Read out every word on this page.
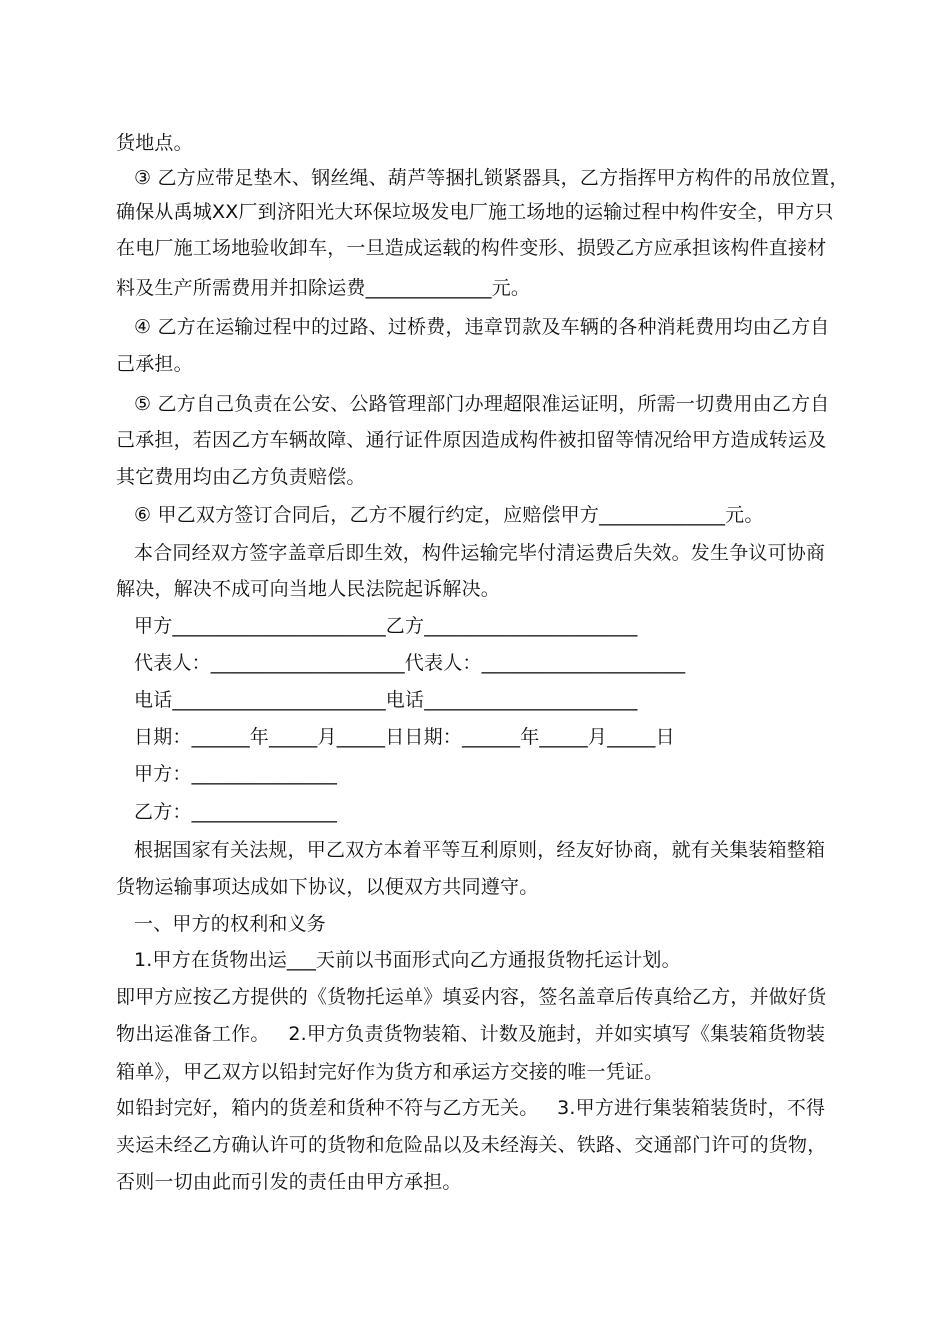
货地点。
③ 乙方应带足垫木、钢丝绳、葫芦等捆扎锁紧器具，乙方指挥甲方构件的吊放位置，
确保从禹城XX厂到济阳光大环保垃圾发电厂施工场地的运输过程中构件安全，甲方只
在电厂施工场地验收卸车，一旦造成运载的构件变形、损毁乙方应承担该构件直接材
料及生产所需费用并扣除运费_____________元。
④ 乙方在运输过程中的过路、过桥费，违章罚款及车辆的各种消耗费用均由乙方自
己承担。
⑤ 乙方自己负责在公安、公路管理部门办理超限准运证明，所需一切费用由乙方自
己承担，若因乙方车辆故障、通行证件原因造成构件被扣留等情况给甲方造成转运及
其它费用均由乙方负责赔偿。
⑥ 甲乙双方签订合同后，乙方不履行约定，应赔偿甲方_____________元。
本合同经双方签字盖章后即生效，构件运输完毕付清运费后失效。发生争议可协商
解决，解决不成可向当地人民法院起诉解决。
甲方______________________乙方______________________
代表人：____________________代表人：_____________________
电话______________________电话______________________
日期：______年_____月_____日日期：______年_____月_____日
甲方：_______________
乙方：_______________
根据国家有关法规，甲乙双方本着平等互利原则，经友好协商，就有关集装箱整箱
货物运输事项达成如下协议，以便双方共同遵守。
一、甲方的权利和义务
1.甲方在货物出运___天前以书面形式向乙方通报货物托运计划。
即甲方应按乙方提供的《货物托运单》填妥内容，签名盖章后传真给乙方，并做好货
物出运准备工作。   2.甲方负责货物装箱、计数及施封，并如实填写《集装箱货物装
箱单》，甲乙双方以铅封完好作为货方和承运方交接的唯一凭证。
如铅封完好，箱内的货差和货种不符与乙方无关。   3.甲方进行集装箱装货时，不得
夹运未经乙方确认许可的货物和危险品以及未经海关、铁路、交通部门许可的货物，
否则一切由此而引发的责任由甲方承担。
